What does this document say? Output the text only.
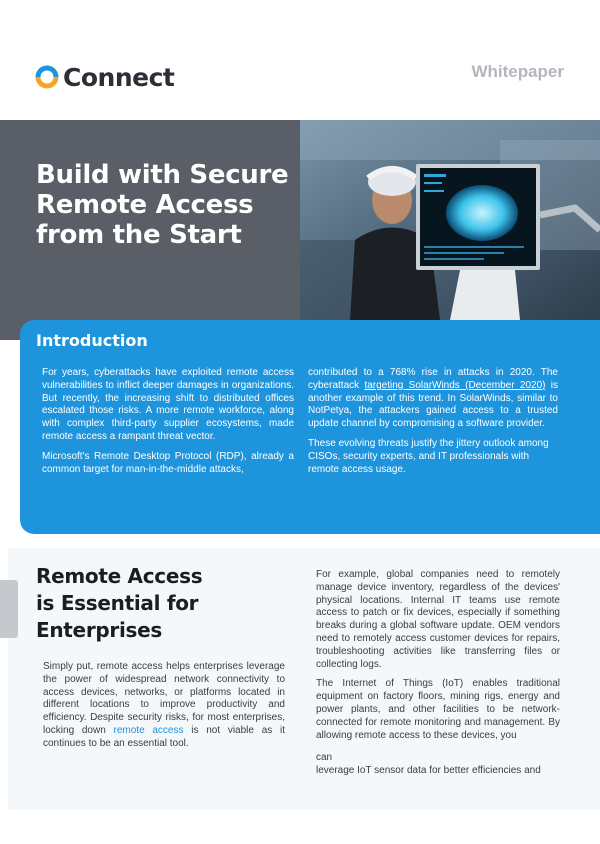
Connect	Whitepaper
Build with Secure
Remote Access
from the Start
Introduction

For years, cyberattacks have exploited remote access vulnerabilities to inflict deeper damages in organizations. But recently, the increasing shift to distributed offices escalated those risks. A more remote workforce, along with complex third-party supplier ecosystems, made remote access a rampant threat vector.

Microsoft's Remote Desktop Protocol (RDP), already a common target for man-in-the-middle attacks,

contributed to a 768% rise in attacks in 2020. The cyberattack targeting SolarWinds (December 2020) is another example of this trend. In SolarWinds, similar to NotPetya, the attackers gained access to a trusted update channel by compromising a software provider.

These evolving threats justify the jittery outlook among CISOs, security experts, and IT professionals with remote access usage.

Remote Access
is Essential for
Enterprises

Simply put, remote access helps enterprises leverage the power of widespread network connectivity to access devices, networks, or platforms located in different locations to improve productivity and efficiency. Despite security risks, for most enterprises, locking down remote access is not viable as it continues to be an essential tool.

For example, global companies need to remotely manage device inventory, regardless of the devices' physical locations. Internal IT teams use remote access to patch or fix devices, especially if something breaks during a global software update. OEM vendors need to remotely access customer devices for repairs, troubleshooting activities like transferring files or collecting logs.

The Internet of Things (IoT) enables traditional equipment on factory floors, mining rigs, energy and power plants, and other facilities to be network-connected for remote monitoring and management. By allowing remote access to these devices, you

can

leverage IoT sensor data for better efficiencies and
